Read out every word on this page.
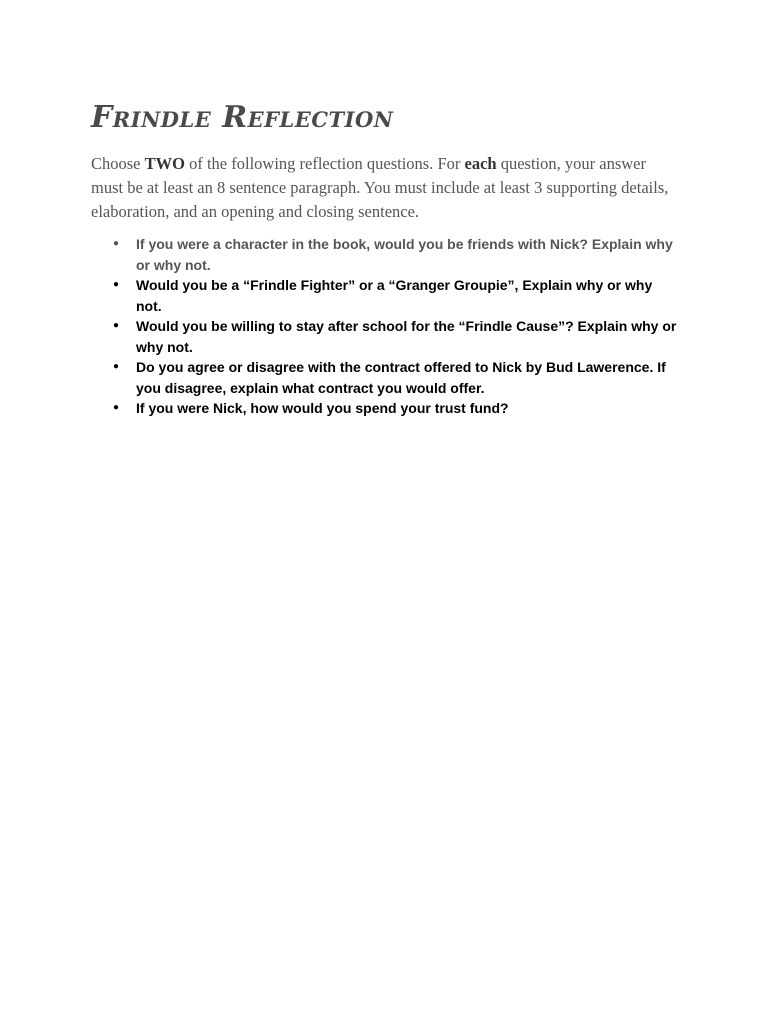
Frindle Reflection

Choose TWO of the following reflection questions. For each question, your answer must be at least an 8 sentence paragraph. You must include at least 3 supporting details, elaboration, and an opening and closing sentence.

● If you were a character in the book, would you be friends with Nick? Explain why or why not.
● Would you be a “Frindle Fighter” or a “Granger Groupie”, Explain why or why not.
● Would you be willing to stay after school for the “Frindle Cause”? Explain why or why not.
● Do you agree or disagree with the contract offered to Nick by Bud Lawerence. If you disagree, explain what contract you would offer.
● If you were Nick, how would you spend your trust fund?
